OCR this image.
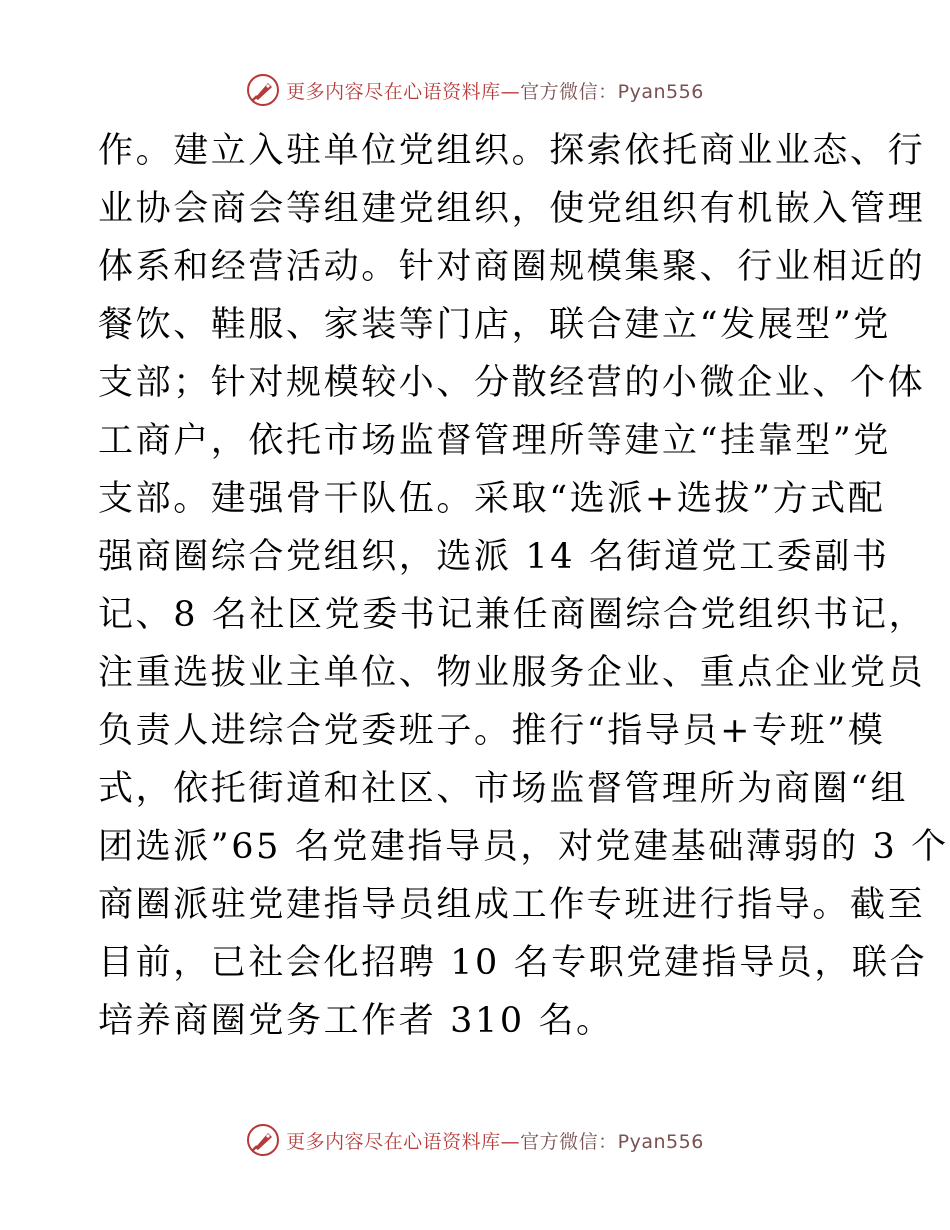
更多内容尽在心语资料库—官方微信：Pyan556
作。建立入驻单位党组织。探索依托商业业态、行
业协会商会等组建党组织，使党组织有机嵌入管理
体系和经营活动。针对商圈规模集聚、行业相近的
餐饮、鞋服、家装等门店，联合建立“发展型”党
支部；针对规模较小、分散经营的小微企业、个体
工商户，依托市场监督管理所等建立“挂靠型”党
支部。建强骨干队伍。采取“选派+选拔”方式配
强商圈综合党组织，选派 14 名街道党工委副书
记、8 名社区党委书记兼任商圈综合党组织书记，
注重选拔业主单位、物业服务企业、重点企业党员
负责人进综合党委班子。推行“指导员+专班”模
式，依托街道和社区、市场监督管理所为商圈“组
团选派”65 名党建指导员，对党建基础薄弱的 3 个
商圈派驻党建指导员组成工作专班进行指导。截至
目前，已社会化招聘 10 名专职党建指导员，联合
培养商圈党务工作者 310 名。
更多内容尽在心语资料库—官方微信：Pyan556
